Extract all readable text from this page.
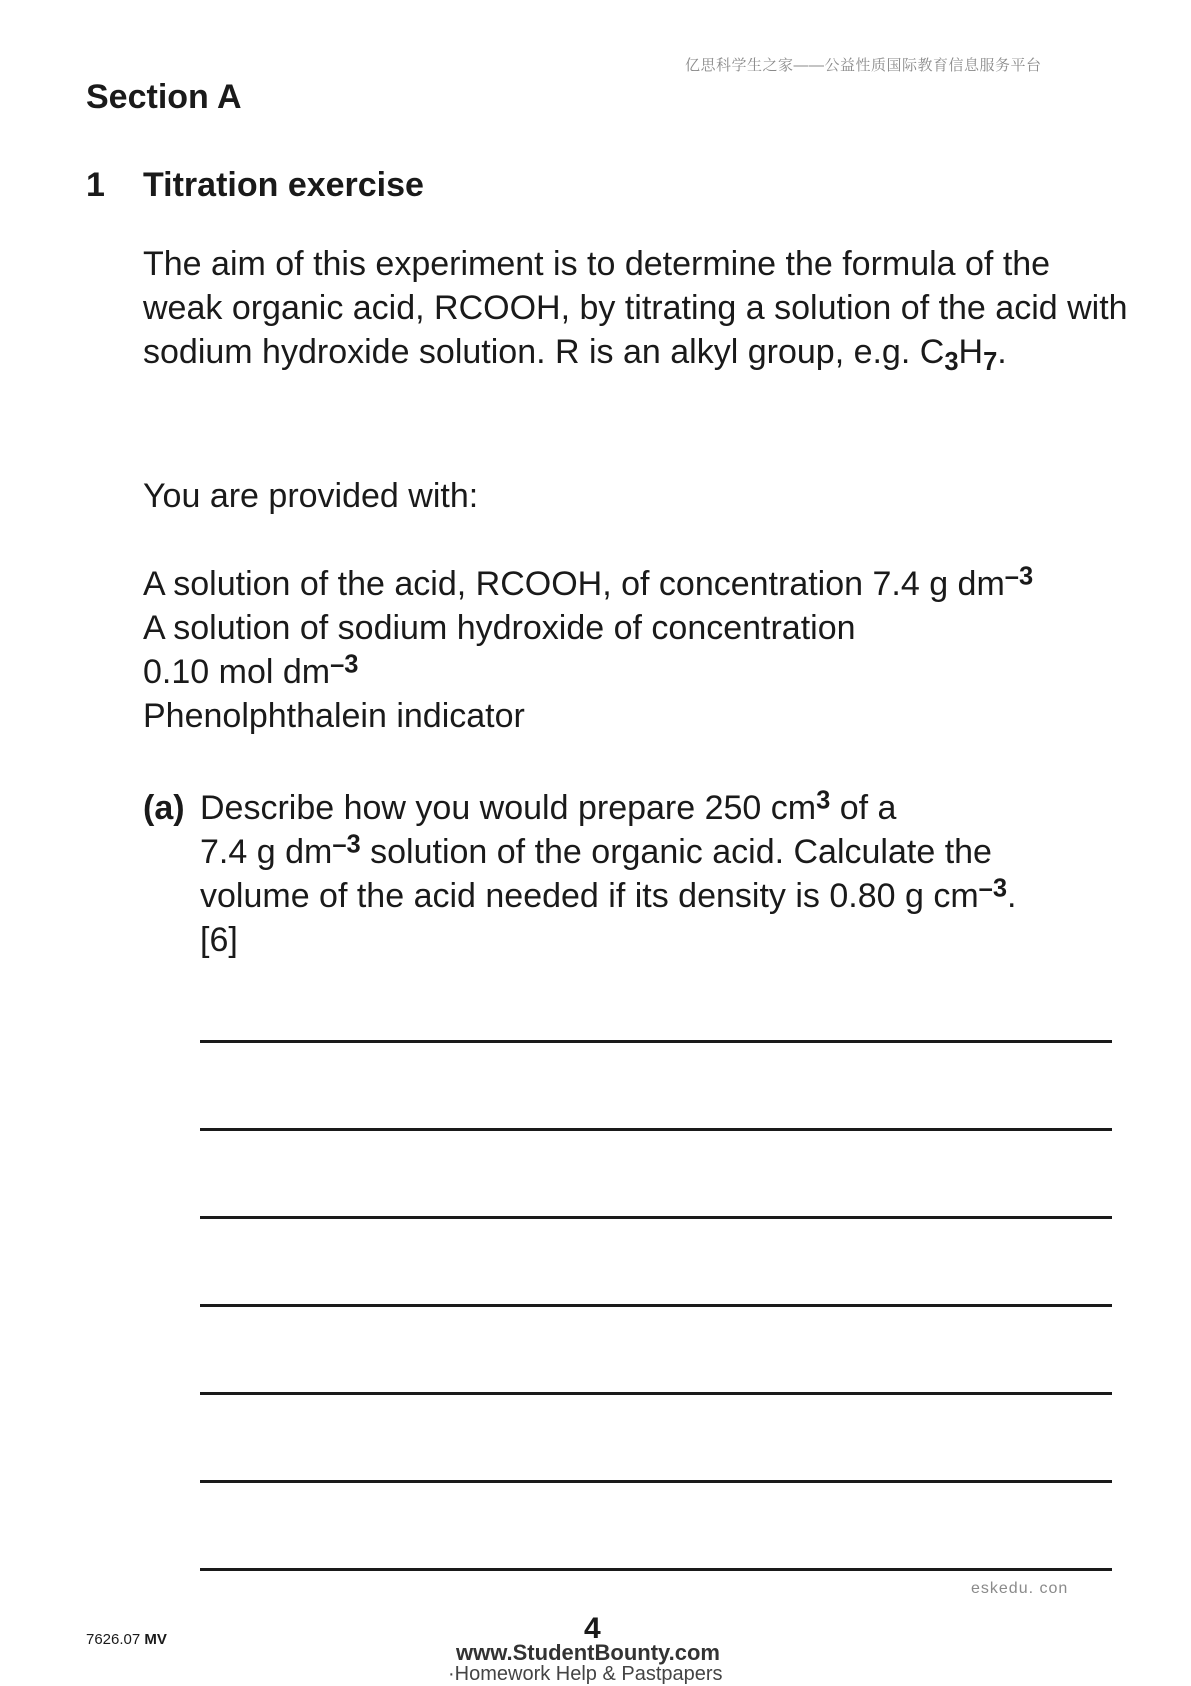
亿思科学生之家——公益性质国际教育信息服务平台
Section A
1 Titration exercise

The aim of this experiment is to determine the formula of the weak organic acid, RCOOH, by titrating a solution of the acid with sodium hydroxide solution. R is an alkyl group, e.g. $C_3H_7$.

You are provided with:

A solution of the acid, RCOOH, of concentration 7.4 g $dm^{-3}$

A solution of sodium hydroxide of concentration

0.10 mol $dm^{-3}$

Phenolphthalein indicator

(a) Describe how you would prepare 250 $cm^3$ of a
7.4 g $dm^{-3}$ solution of the organic acid. Calculate the
volume of the acid needed if its density is 0.80 g $cm^{-3}$.
[6]
eskedu. con
7626.07 MV	4
www.StudentBounty.com
·Homework Help & Pastpapers
